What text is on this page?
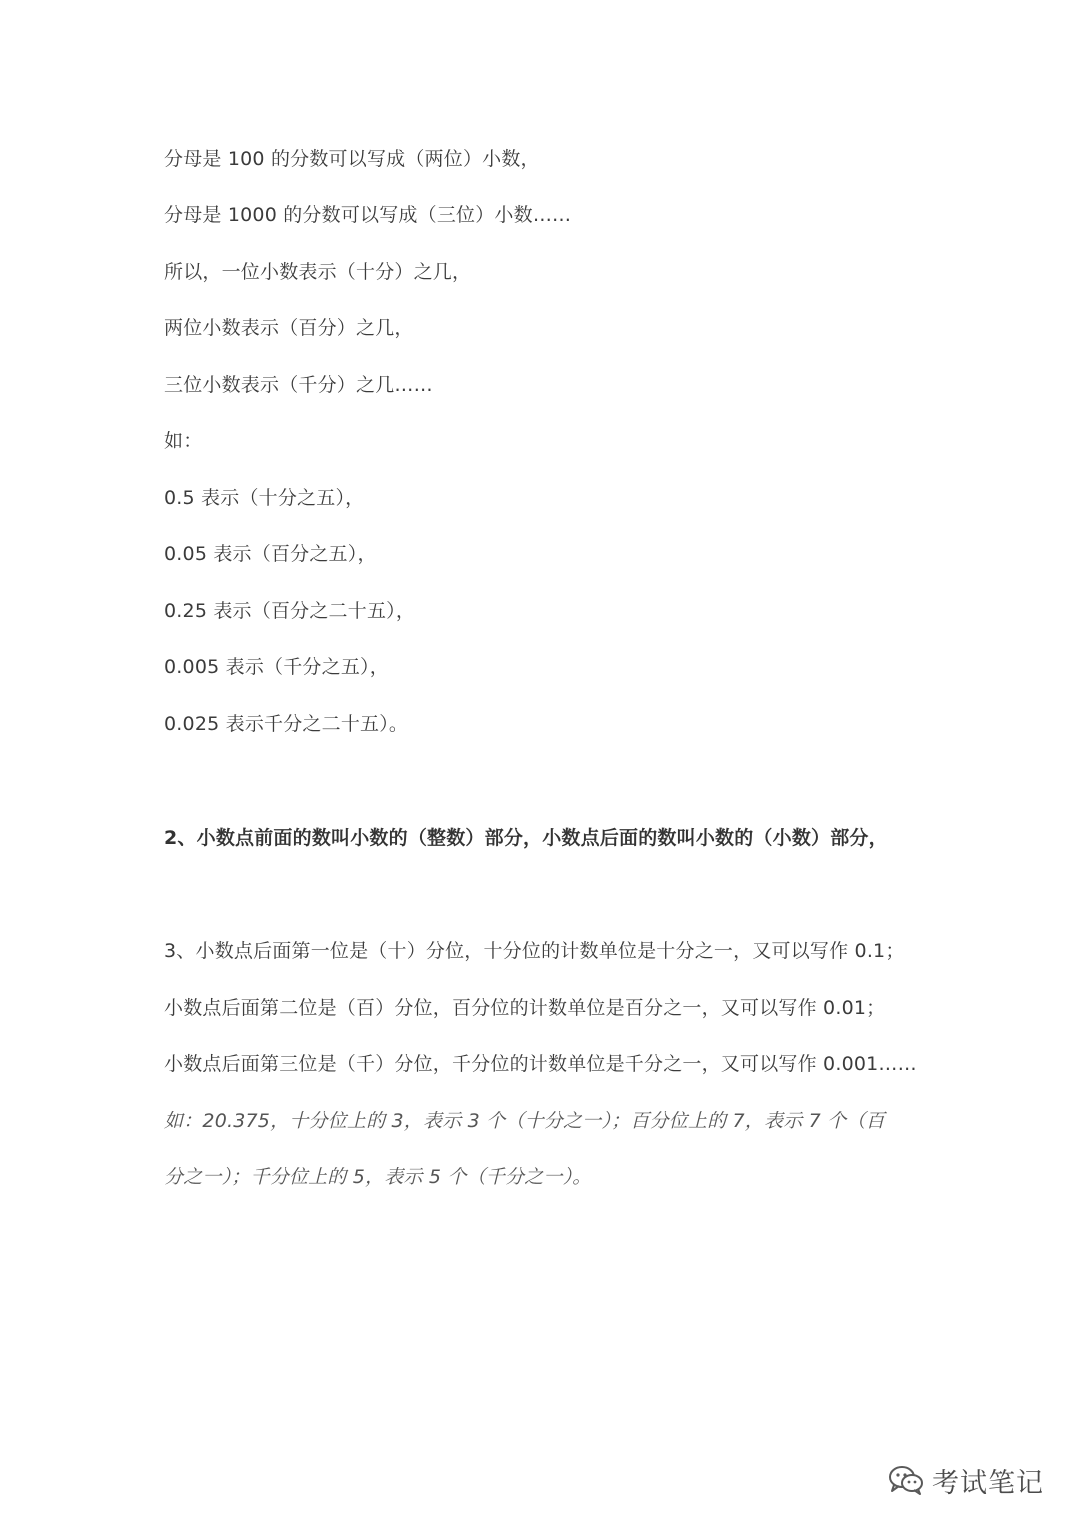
分母是 100 的分数可以写成（两位）小数，
分母是 1000 的分数可以写成（三位）小数……
所以，一位小数表示（十分）之几，
两位小数表示（百分）之几，
三位小数表示（千分）之几……
如：
0.5 表示（十分之五），
0.05 表示（百分之五），
0.25 表示（百分之二十五），
0.005 表示（千分之五），
0.025 表示千分之二十五）。
2、小数点前面的数叫小数的（整数）部分，小数点后面的数叫小数的（小数）部分，
3、小数点后面第一位是（十）分位，十分位的计数单位是十分之一，又可以写作 0.1；
小数点后面第二位是（百）分位，百分位的计数单位是百分之一，又可以写作 0.01；
小数点后面第三位是（千）分位，千分位的计数单位是千分之一，又可以写作 0.001……
如：20.375，十分位上的 3，表示 3 个（十分之一）；百分位上的 7，表示 7 个（百
分之一）；千分位上的 5，表示 5 个（千分之一）。
考试笔记
